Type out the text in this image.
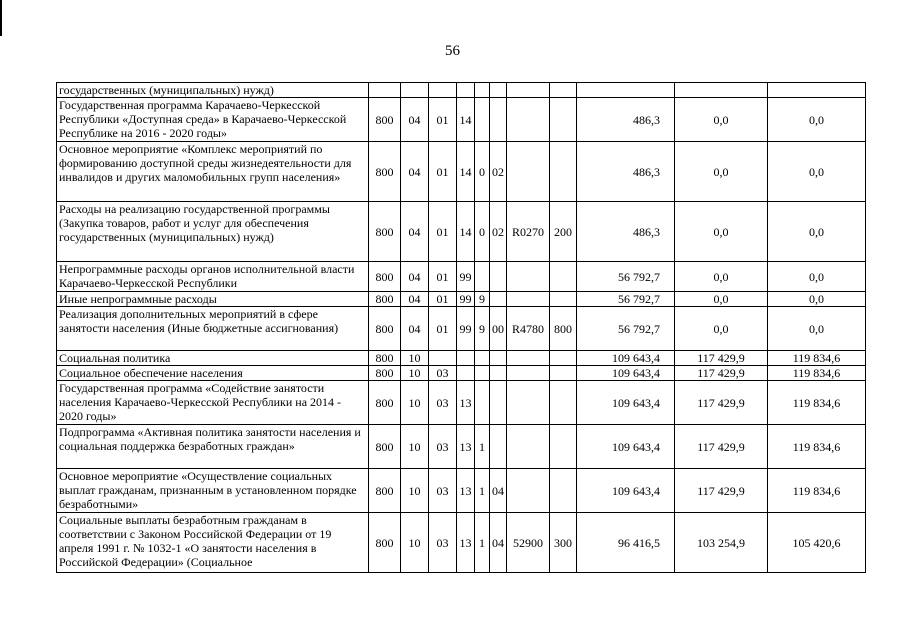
56
государственных (муниципальных) нужд)											
Государственная программа Карачаево-Черкесской Республики «Доступная среда» в Карачаево-Черкесской Республике на 2016 - 2020 годы»	800	04	01	14					486,3	0,0	0,0
Основное мероприятие «Комплекс мероприятий по формированию доступной среды жизнедеятельности для инвалидов и других маломобильных групп населения»	800	04	01	14	0	02			486,3	0,0	0,0
Расходы на реализацию государственной программы (Закупка товаров, работ и услуг для обеспечения государственных (муниципальных) нужд)	800	04	01	14	0	02	R0270	200	486,3	0,0	0,0
Непрограммные расходы органов исполнительной власти Карачаево-Черкесской Республики	800	04	01	99					56 792,7	0,0	0,0
Иные непрограммные расходы	800	04	01	99	9				56 792,7	0,0	0,0
Реализация дополнительных мероприятий в сфере занятости населения (Иные бюджетные ассигнования)	800	04	01	99	9	00	R4780	800	56 792,7	0,0	0,0
Социальная политика	800	10							109 643,4	117 429,9	119 834,6
Социальное обеспечение населения	800	10	03						109 643,4	117 429,9	119 834,6
Государственная программа «Содействие занятости населения Карачаево-Черкесской Республики на 2014 - 2020 годы»	800	10	03	13					109 643,4	117 429,9	119 834,6
Подпрограмма «Активная политика занятости населения и социальная поддержка безработных граждан»	800	10	03	13	1				109 643,4	117 429,9	119 834,6
Основное мероприятие «Осуществление социальных выплат гражданам, признанным в установленном порядке безработными»	800	10	03	13	1	04			109 643,4	117 429,9	119 834,6
Социальные выплаты безработным гражданам в соответствии с Законом Российской Федерации от 19 апреля 1991 г. № 1032-1 «О занятости населения в Российской Федерации» (Социальное	800	10	03	13	1	04	52900	300	96 416,5	103 254,9	105 420,6
